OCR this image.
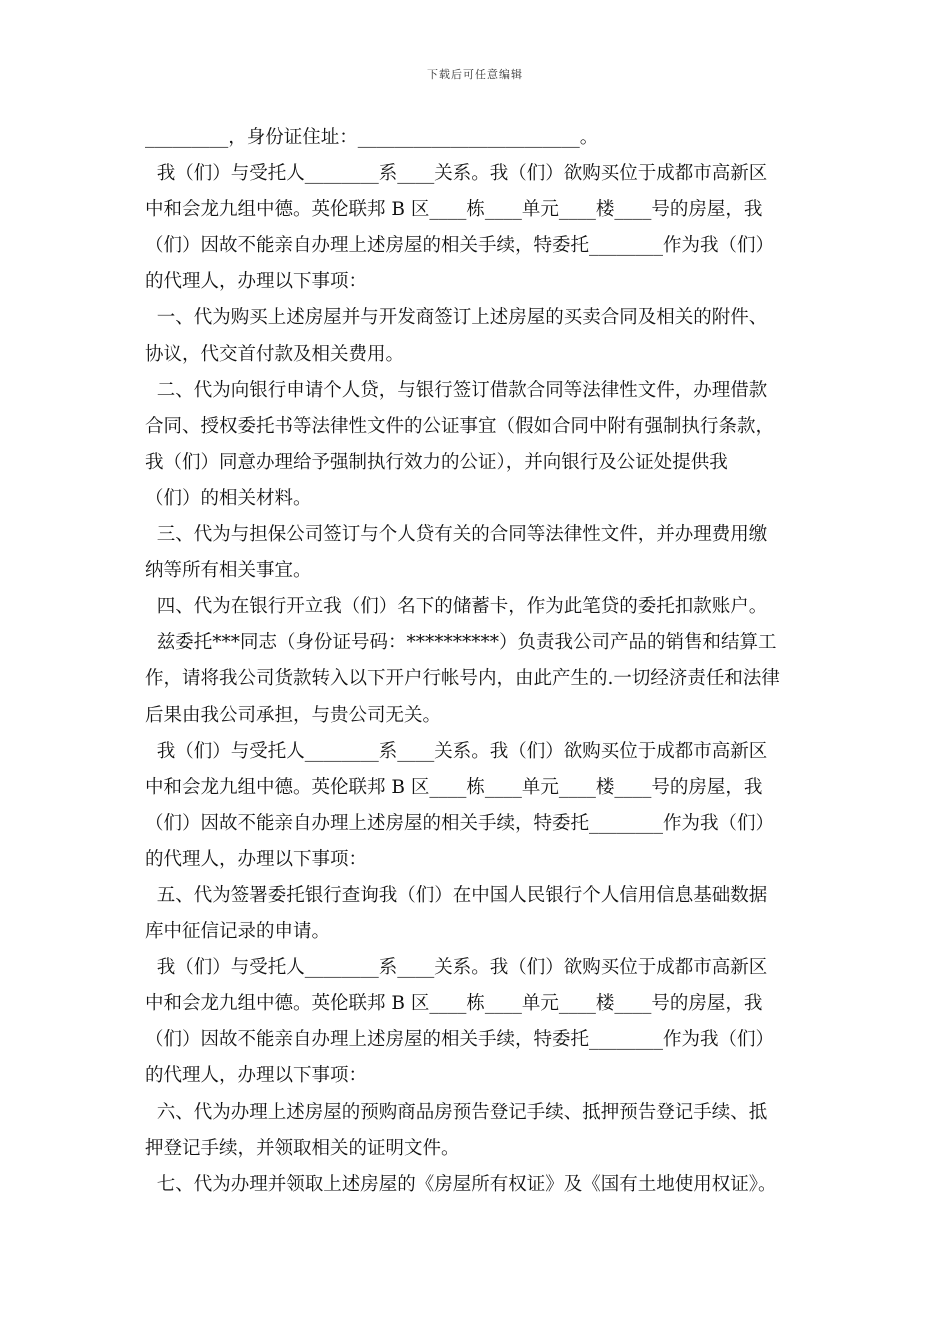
下载后可任意编辑
_________，身份证住址：________________________。
我（们）与受托人________系____关系。我（们）欲购买位于成都市高新区
中和会龙九组中德。英伦联邦 B 区____栋____单元____楼____号的房屋，我
（们）因故不能亲自办理上述房屋的相关手续，特委托________作为我（们）
的代理人，办理以下事项：
一、代为购买上述房屋并与开发商签订上述房屋的买卖合同及相关的附件、
协议，代交首付款及相关费用。
二、代为向银行申请个人贷，与银行签订借款合同等法律性文件，办理借款
合同、授权委托书等法律性文件的公证事宜（假如合同中附有强制执行条款，
我（们）同意办理给予强制执行效力的公证），并向银行及公证处提供我
（们）的相关材料。
三、代为与担保公司签订与个人贷有关的合同等法律性文件，并办理费用缴
纳等所有相关事宜。
四、代为在银行开立我（们）名下的储蓄卡，作为此笔贷的委托扣款账户。
兹委托***同志（身份证号码：**********）负责我公司产品的销售和结算工
作，请将我公司货款转入以下开户行帐号内，由此产生的.一切经济责任和法律
后果由我公司承担，与贵公司无关。
我（们）与受托人________系____关系。我（们）欲购买位于成都市高新区
中和会龙九组中德。英伦联邦 B 区____栋____单元____楼____号的房屋，我
（们）因故不能亲自办理上述房屋的相关手续，特委托________作为我（们）
的代理人，办理以下事项：
五、代为签署委托银行查询我（们）在中国人民银行个人信用信息基础数据
库中征信记录的申请。
我（们）与受托人________系____关系。我（们）欲购买位于成都市高新区
中和会龙九组中德。英伦联邦 B 区____栋____单元____楼____号的房屋，我
（们）因故不能亲自办理上述房屋的相关手续，特委托________作为我（们）
的代理人，办理以下事项：
六、代为办理上述房屋的预购商品房预告登记手续、抵押预告登记手续、抵
押登记手续，并领取相关的证明文件。
七、代为办理并领取上述房屋的《房屋所有权证》及《国有土地使用权证》。
